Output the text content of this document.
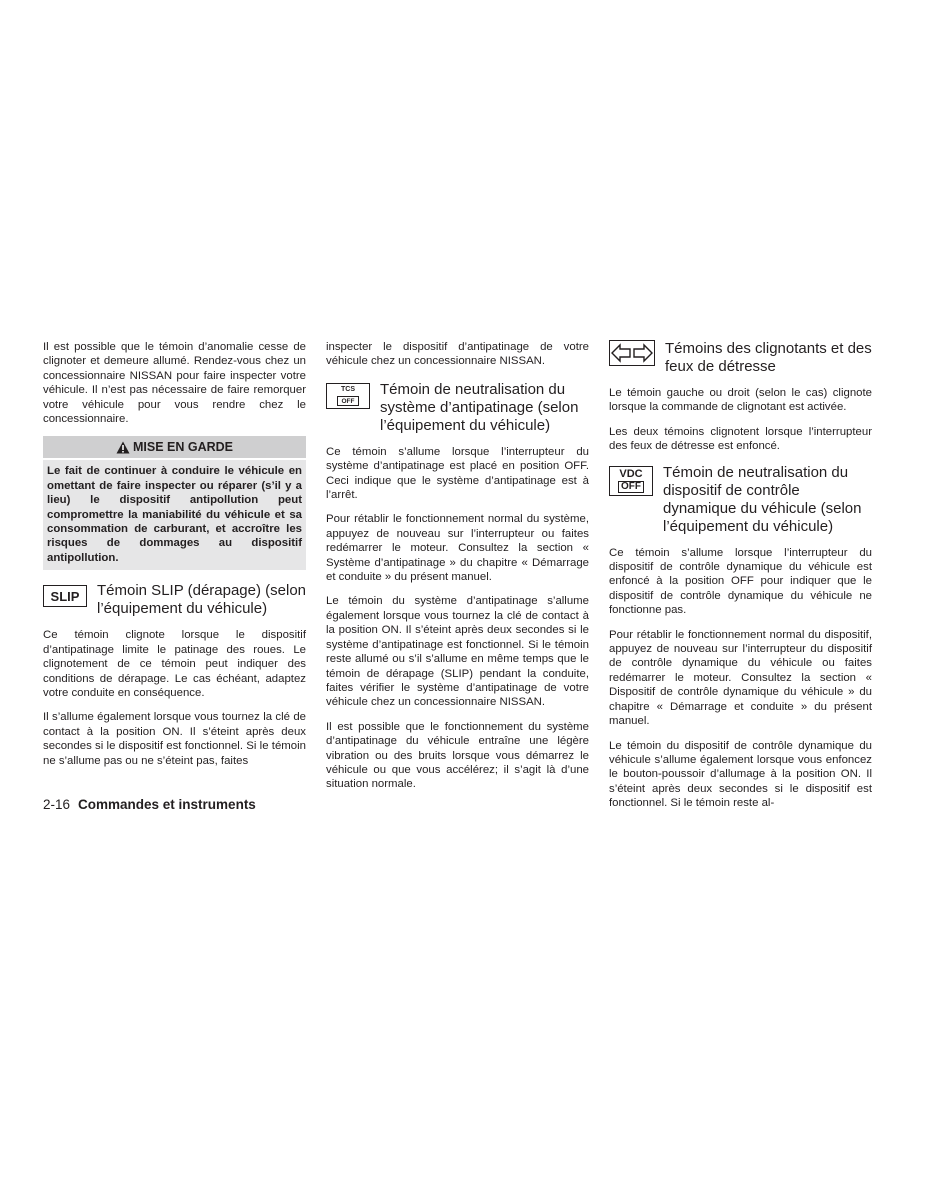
Il est possible que le témoin d’anomalie cesse de clignoter et demeure allumé. Rendez-vous chez un concessionnaire NISSAN pour faire inspecter votre véhicule. Il n’est pas nécessaire de faire remorquer votre véhicule pour vous rendre chez le concessionnaire.

MISE EN GARDE
Le fait de continuer à conduire le véhicule en omettant de faire inspecter ou réparer (s’il y a lieu) le dispositif antipollution peut compromettre la maniabilité du véhicule et sa consommation de carburant, et accroître les risques de dommages au dispositif antipollution.
SLIP Témoin SLIP (dérapage) (selon l’équipement du véhicule)

Ce témoin clignote lorsque le dispositif d’antipatinage limite le patinage des roues. Le clignotement de ce témoin peut indiquer des conditions de dérapage. Le cas échéant, adaptez votre conduite en conséquence.

Il s’allume également lorsque vous tournez la clé de contact à la position ON. Il s’éteint après deux secondes si le dispositif est fonctionnel. Si le témoin ne s’allume pas ou ne s’éteint pas, faites

inspecter le dispositif d’antipatinage de votre véhicule chez un concessionnaire NISSAN.

TCS
OFF
Témoin de neutralisation du système d’antipatinage (selon l’équipement du véhicule)

Ce témoin s’allume lorsque l’interrupteur du système d’antipatinage est placé en position OFF. Ceci indique que le système d’antipatinage est à l’arrêt.

Pour rétablir le fonctionnement normal du système, appuyez de nouveau sur l’interrupteur ou faites redémarrer le moteur. Consultez la section « Système d’antipatinage » du chapitre « Démarrage et conduite » du présent manuel.

Le témoin du système d’antipatinage s’allume également lorsque vous tournez la clé de contact à la position ON. Il s’éteint après deux secondes si le système d’antipatinage est fonctionnel. Si le témoin reste allumé ou s’il s’allume en même temps que le témoin de dérapage (SLIP) pendant la conduite, faites vérifier le système d’antipatinage de votre véhicule chez un concessionnaire NISSAN.

Il est possible que le fonctionnement du système d’antipatinage du véhicule entraîne une légère vibration ou des bruits lorsque vous démarrez le véhicule ou que vous accélérez; il s’agit là d’une situation normale.

Témoins des clignotants et des feux de détresse

Le témoin gauche ou droit (selon le cas) clignote lorsque la commande de clignotant est activée.

Les deux témoins clignotent lorsque l’interrupteur des feux de détresse est enfoncé.

VDC
OFF
Témoin de neutralisation du dispositif de contrôle dynamique du véhicule (selon l’équipement du véhicule)

Ce témoin s’allume lorsque l’interrupteur du dispositif de contrôle dynamique du véhicule est enfoncé à la position OFF pour indiquer que le dispositif de contrôle dynamique du véhicule ne fonctionne pas.

Pour rétablir le fonctionnement normal du dispositif, appuyez de nouveau sur l’interrupteur du dispositif de contrôle dynamique du véhicule ou faites redémarrer le moteur. Consultez la section « Dispositif de contrôle dynamique du véhicule » du chapitre « Démarrage et conduite » du présent manuel.

Le témoin du dispositif de contrôle dynamique du véhicule s’allume également lorsque vous enfoncez le bouton-poussoir d’allumage à la position ON. Il s’éteint après deux secondes si le dispositif est fonctionnel. Si le témoin reste al-

2-16 Commandes et instruments
